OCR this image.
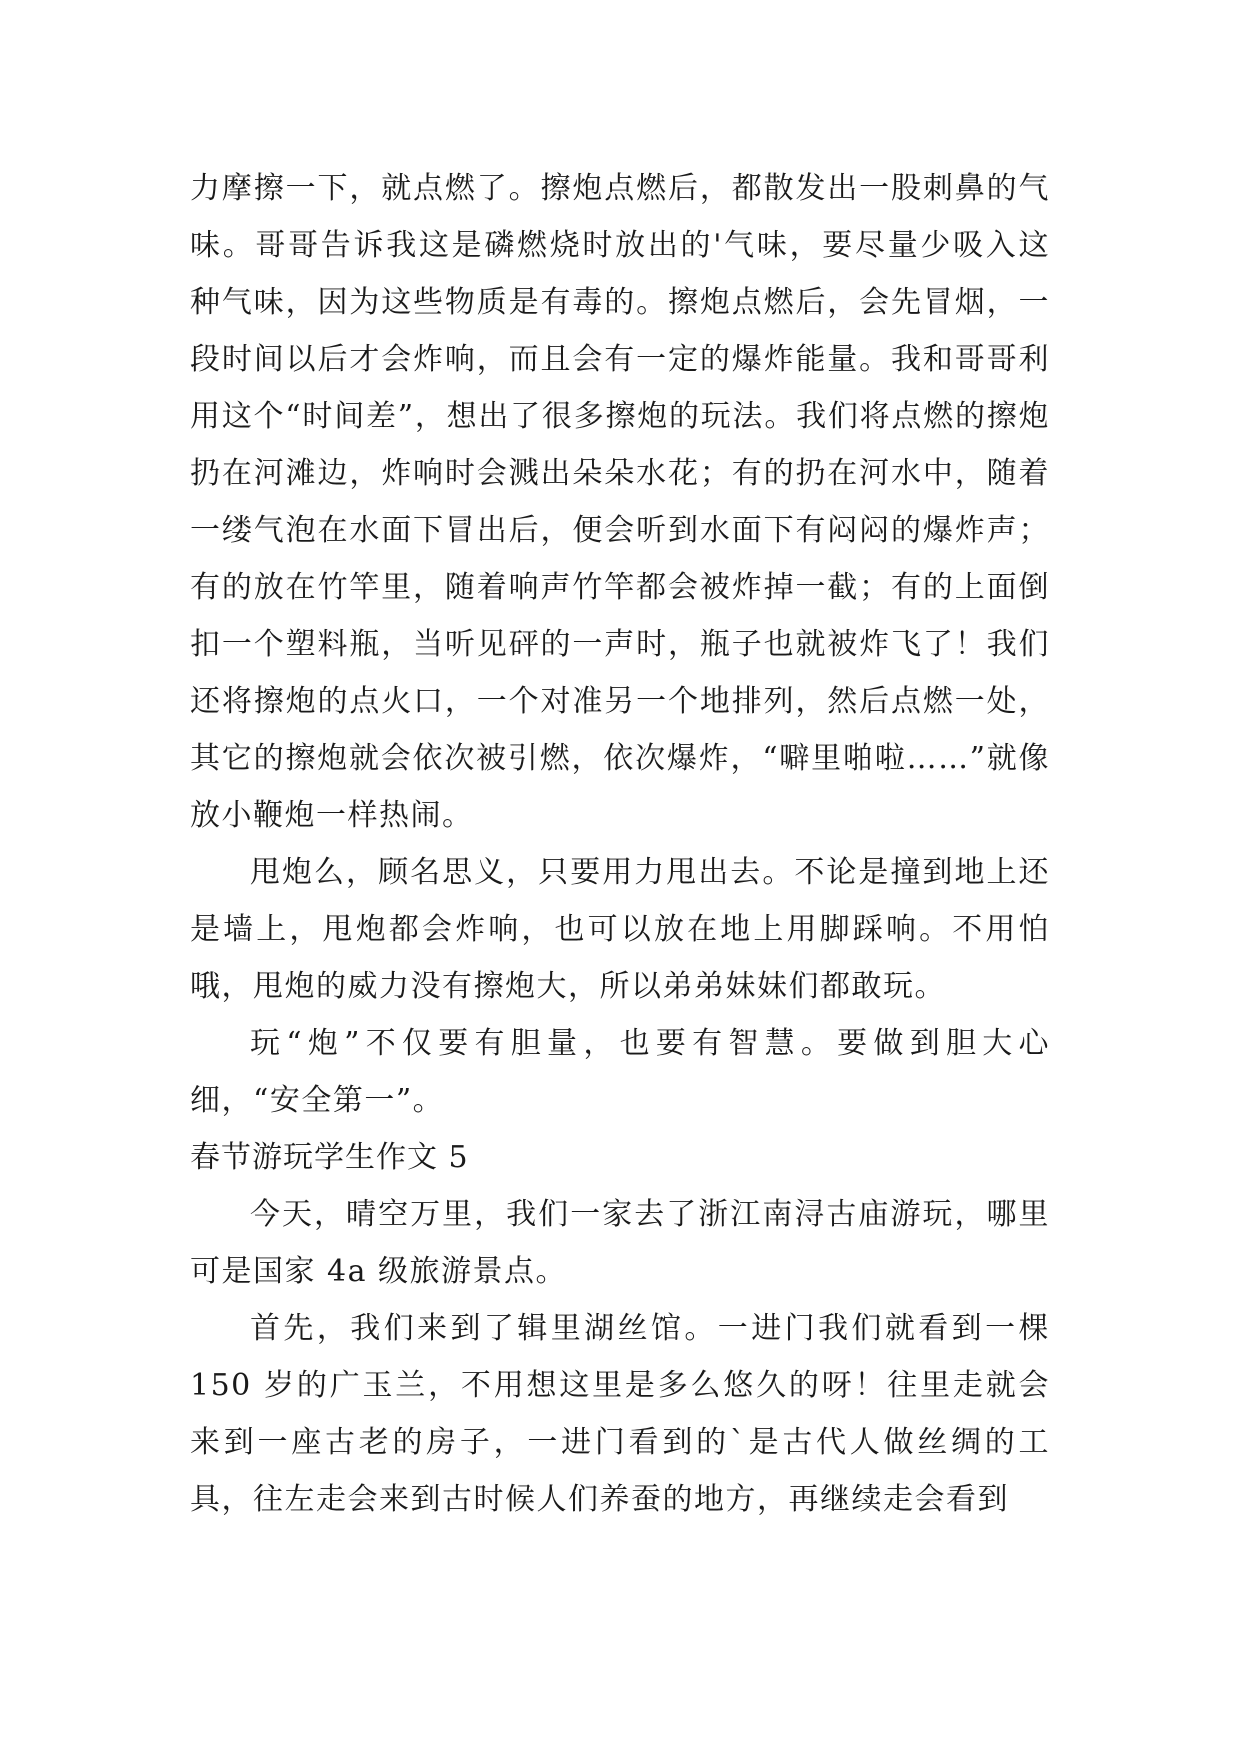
力摩擦一下，就点燃了。擦炮点燃后，都散发出一股刺鼻的气味。哥哥告诉我这是磷燃烧时放出的'气味，要尽量少吸入这种气味，因为这些物质是有毒的。擦炮点燃后，会先冒烟，一段时间以后才会炸响，而且会有一定的爆炸能量。我和哥哥利用这个“时间差”，想出了很多擦炮的玩法。我们将点燃的擦炮扔在河滩边，炸响时会溅出朵朵水花；有的扔在河水中，随着一缕气泡在水面下冒出后，便会听到水面下有闷闷的爆炸声；有的放在竹竿里，随着响声竹竿都会被炸掉一截；有的上面倒扣一个塑料瓶，当听见砰的一声时，瓶子也就被炸飞了！我们还将擦炮的点火口，一个对准另一个地排列，然后点燃一处，其它的擦炮就会依次被引燃，依次爆炸，“噼里啪啦……”就像放小鞭炮一样热闹。

甩炮么，顾名思义，只要用力甩出去。不论是撞到地上还是墙上，甩炮都会炸响，也可以放在地上用脚踩响。不用怕哦，甩炮的威力没有擦炮大，所以弟弟妹妹们都敢玩。

玩“炮”不仅要有胆量，也要有智慧。要做到胆大心细，“安全第一”。

春节游玩学生作文 5

今天，晴空万里，我们一家去了浙江南浔古庙游玩，哪里可是国家 4a 级旅游景点。

首先，我们来到了辑里湖丝馆。一进门我们就看到一棵 150 岁的广玉兰，不用想这里是多么悠久的呀！往里走就会来到一座古老的房子，一进门看到的`是古代人做丝绸的工具，往左走会来到古时候人们养蚕的地方，再继续走会看到
